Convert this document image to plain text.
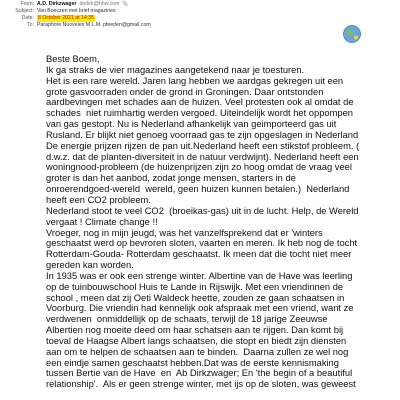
From: A.D. Dirkzwager dpdirk@hhw.com 📎
Subject: Van Boeczen met brief magazines
Date: 8 October 2021 at 14:35
To: Paraphore Nuoveles M L.M. pfeeden@gmail.com
Beste Boem,
Ik ga straks de vier magazines aangetekend naar je toesturen.
Het is een rare wereld. Jaren lang hebben we aardgas gekregen uit een
grote gasvoorraden onder de grond in Groningen. Daar ontstonden
aardbevingen met schades aan de huizen. Veel protesten ook al omdat de
schades  niet ruimhartig werden vergoed. Uiteindelijk wordt het oppompen
van gas gestopt. Nu is Nederland afhankelijk van geimporteerd gas uit
Rusland. Er blijkt niet genoeg voorraad gas te zijn opgeslagen in Nederland
De energie prijzen rijzen de pan uit.Nederland heeft een stikstof probleem. (
d.w.z. dat de planten-diversiteit in de natuur verdwijnt). Nederland heeft een
woningnood-probleem (de huizenprijzen zijn zo hoog omdat de vraag veel
groter is dan het aanbod, zodat jonge mensen, starters in de
onroerendgoed-wereld  wereld, geen huizen kunnen betalen.)  Nederland
heeft een CO2 probleem.
Nederland stoot te veel CO2  (broeikas-gas) uit in de lucht. Help, de Wereld
vergaat ! Climate change !!
Vroeger, nog in mijn jeugd, was het vanzelfsprekend dat er 'winters
geschaatst werd op bevroren sloten, vaarten en meren. Ik heb nog de tocht
Rotterdam-Gouda- Rotterdam geschaatst. Ik meen dat die tocht niet meer
gereden kan worden.
In 1935 was er ook een strenge winter. Albertine van de Have was leerling
op de tuinbouwschool Huis te Lande in Rijswijk. Met een vriendinnen de
school , meen dat zij Oeti Waldeck heette, zouden ze gaan schaatsen in
Voorburg. Die vriendin had kennelijk ook afspraak met een vriend, want ze
verdwenen  onmiddellijk op de schaats, terwijl de 18 jarige Zeeuwse
Albertien nog moeite deed om haar schatsen aan te rijgen. Dan komt bij
toeval de Haagse Albert langs schaatsen, die stopt en biedt zijn diensten
aan om te helpen de schaatsen aan te binden.  Daarna zullen ze wel nog
een eindje samen geschaatst hebben.Dat was de eerste kennismaking
tussen Bertie van de Have  en  Ab Dirkzwager; En 'the begin of a beautiful
relationship'.  Als er geen strenge winter, met ijs op de sloten, was geweest
